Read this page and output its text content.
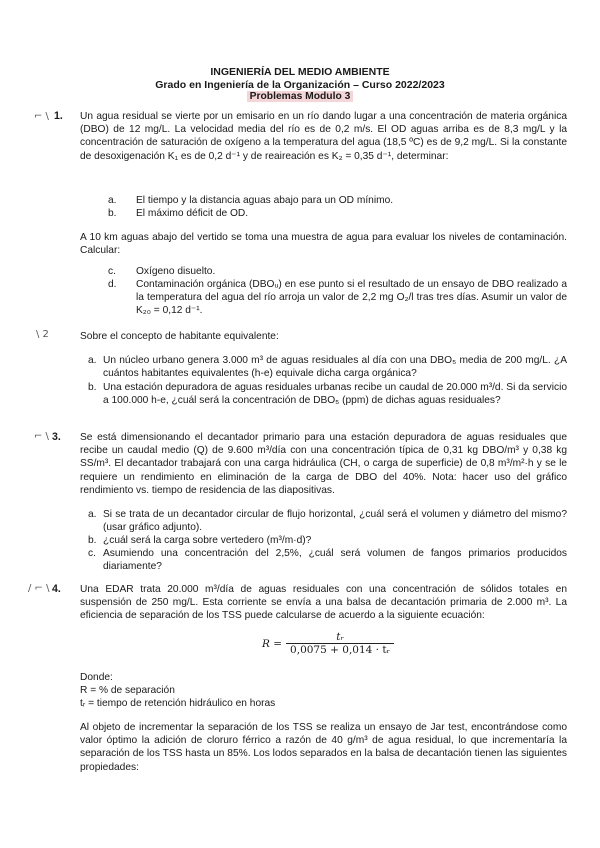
INGENIERÍA DEL MEDIO AMBIENTE
Grado en Ingeniería de la Organización – Curso 2022/2023
Problemas Modulo 3
⌐ \ 1. Un agua residual se vierte por un emisario en un río dando lugar a una concentración de materia orgánica (DBO) de 12 mg/L. La velocidad media del río es de 0,2 m/s. El OD aguas arriba es de 8,3 mg/L y la concentración de saturación de oxígeno a la temperatura del agua (18,5 ºC) es de 9,2 mg/L. Si la constante de desoxigenación K₁ es de 0,2 d⁻¹ y de reaireación es K₂ = 0,35 d⁻¹, determinar:
a. El tiempo y la distancia aguas abajo para un OD mínimo.
b. El máximo déficit de OD.
A 10 km aguas abajo del vertido se toma una muestra de agua para evaluar los niveles de contaminación. Calcular:
c. Oxígeno disuelto.
d. Contaminación orgánica (DBOᵤ) en ese punto si el resultado de un ensayo de DBO realizado a la temperatura del agua del río arroja un valor de 2,2 mg O₂/l tras tres días. Asumir un valor de K₂₀ = 0,12 d⁻¹.
\ 2	Sobre el concepto de habitante equivalente:
a. Un núcleo urbano genera 3.000 m³ de aguas residuales al día con una DBO₅ media de 200 mg/L. ¿A cuántos habitantes equivalentes (h-e) equivale dicha carga orgánica?
b. Una estación depuradora de aguas residuales urbanas recibe un caudal de 20.000 m³/d. Si da servicio a 100.000 h-e, ¿cuál será la concentración de DBO₅ (ppm) de dichas aguas residuales?
⌐ \ 3. Se está dimensionando el decantador primario para una estación depuradora de aguas residuales que recibe un caudal medio (Q) de 9.600 m³/día con una concentración típica de 0,31 kg DBO/m³ y 0,38 kg SS/m³. El decantador trabajará con una carga hidráulica (CH, o carga de superficie) de 0,8 m³/m²·h y se le requiere un rendimiento en eliminación de la carga de DBO del 40%. Nota: hacer uso del gráfico rendimiento vs. tiempo de residencia de las diapositivas.
a. Si se trata de un decantador circular de flujo horizontal, ¿cuál será el volumen y diámetro del mismo? (usar gráfico adjunto).
b. ¿cuál será la carga sobre vertedero (m³/m·d)?
c. Asumiendo una concentración del 2,5%, ¿cuál será volumen de fangos primarios producidos diariamente?
/ ⌐ \ 4. Una EDAR trata 20.000 m³/día de aguas residuales con una concentración de sólidos totales en suspensión de 250 mg/L. Esta corriente se envía a una balsa de decantación primaria de 2.000 m³. La eficiencia de separación de los TSS puede calcularse de acuerdo a la siguiente ecuación:
$R = \frac{\text{tᵣ}}{\text{0,0075 + 0,014 · tᵣ}}$
Donde:
R = % de separación
tᵣ = tiempo de retención hidráulico en horas
Al objeto de incrementar la separación de los TSS se realiza un ensayo de Jar test, encontrándose como valor óptimo la adición de cloruro férrico a razón de 40 g/m³ de agua residual, lo que incrementaría la separación de los TSS hasta un 85%. Los lodos separados en la balsa de decantación tienen las siguientes propiedades:
